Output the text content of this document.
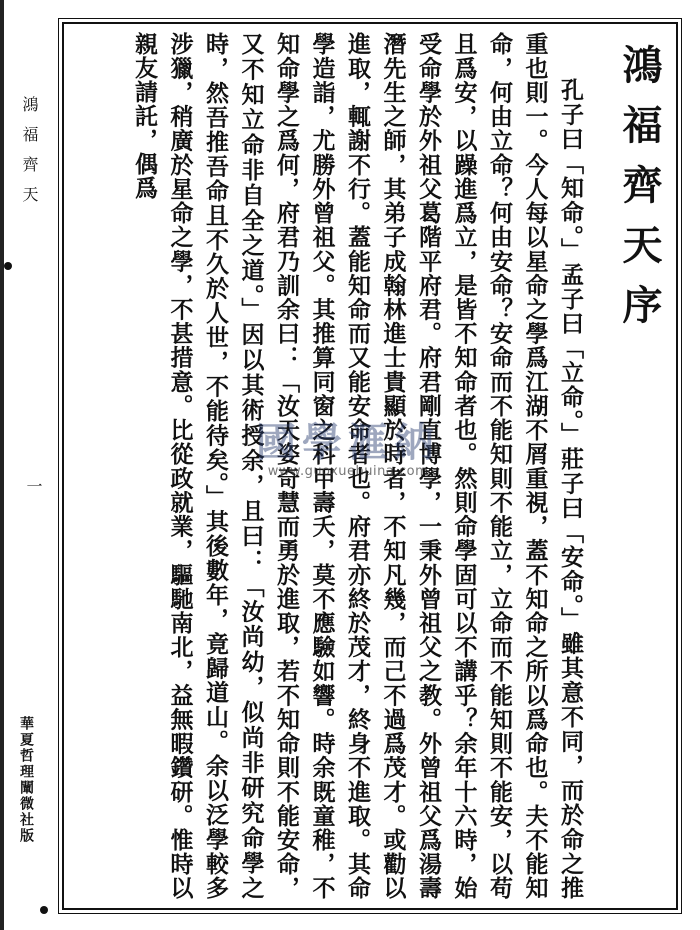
鴻福齊天
一
華夏哲理闡微社版
鴻福齊天序

孔子曰「知命。」孟子曰「立命。」莊子曰「安命。」雖其意不同，而於命之推重也則一。今人每以星命之學爲江湖不屑重視，蓋不知命之所以爲命也。夫不能知命，何由立命？何由安命？安命而不能知則不能立，立命而不能知則不能安，以苟且爲安，以躁進爲立，是皆不知命者也。然則命學固可以不講乎？余年十六時，始受命學於外祖父葛階平府君。府君剛直博學，一秉外曾祖父之教。外曾祖父爲湯壽潛先生之師，其弟子成翰林進士貴顯於時者，不知凡幾，而己不過爲茂才。或勸以進取，輒謝不行。蓋能知命而又能安命者也。府君亦終於茂才，終身不進取。其命學造詣，尤勝外曾祖父。其推算同窗之科甲壽夭，莫不應驗如響。時余既童稚，不知命學之爲何，府君乃訓余曰：「汝天姿奇慧而勇於進取，若不知命則不能安命，又不知立命非自全之道。」因以其術授余，且曰：「汝尚幼，似尚非研究命學之時，然吾推吾命且不久於人世，不能待矣。」其後數年，竟歸道山。余以泛學較多涉獵，稍廣於星命之學，不甚措意。比從政就業，驅馳南北，益無暇鑽研。惟時以親友請託，偶爲

國學滙納
www.guoxuehuina.com
